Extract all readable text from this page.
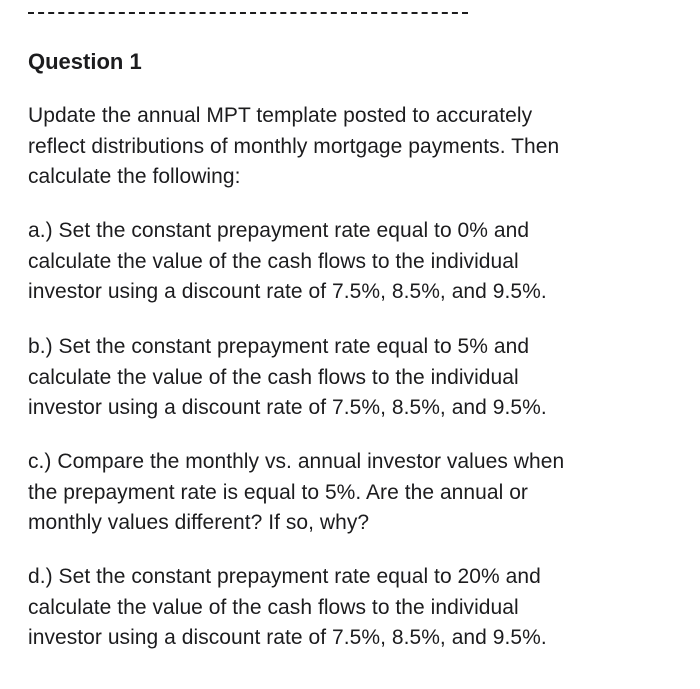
Question 1

Update the annual MPT template posted to accurately
reflect distributions of monthly mortgage payments. Then
calculate the following:

a.) Set the constant prepayment rate equal to 0% and
calculate the value of the cash flows to the individual
investor using a discount rate of 7.5%, 8.5%, and 9.5%.

b.) Set the constant prepayment rate equal to 5% and
calculate the value of the cash flows to the individual
investor using a discount rate of 7.5%, 8.5%, and 9.5%.

c.) Compare the monthly vs. annual investor values when
the prepayment rate is equal to 5%. Are the annual or
monthly values different? If so, why?

d.) Set the constant prepayment rate equal to 20% and
calculate the value of the cash flows to the individual
investor using a discount rate of 7.5%, 8.5%, and 9.5%.
